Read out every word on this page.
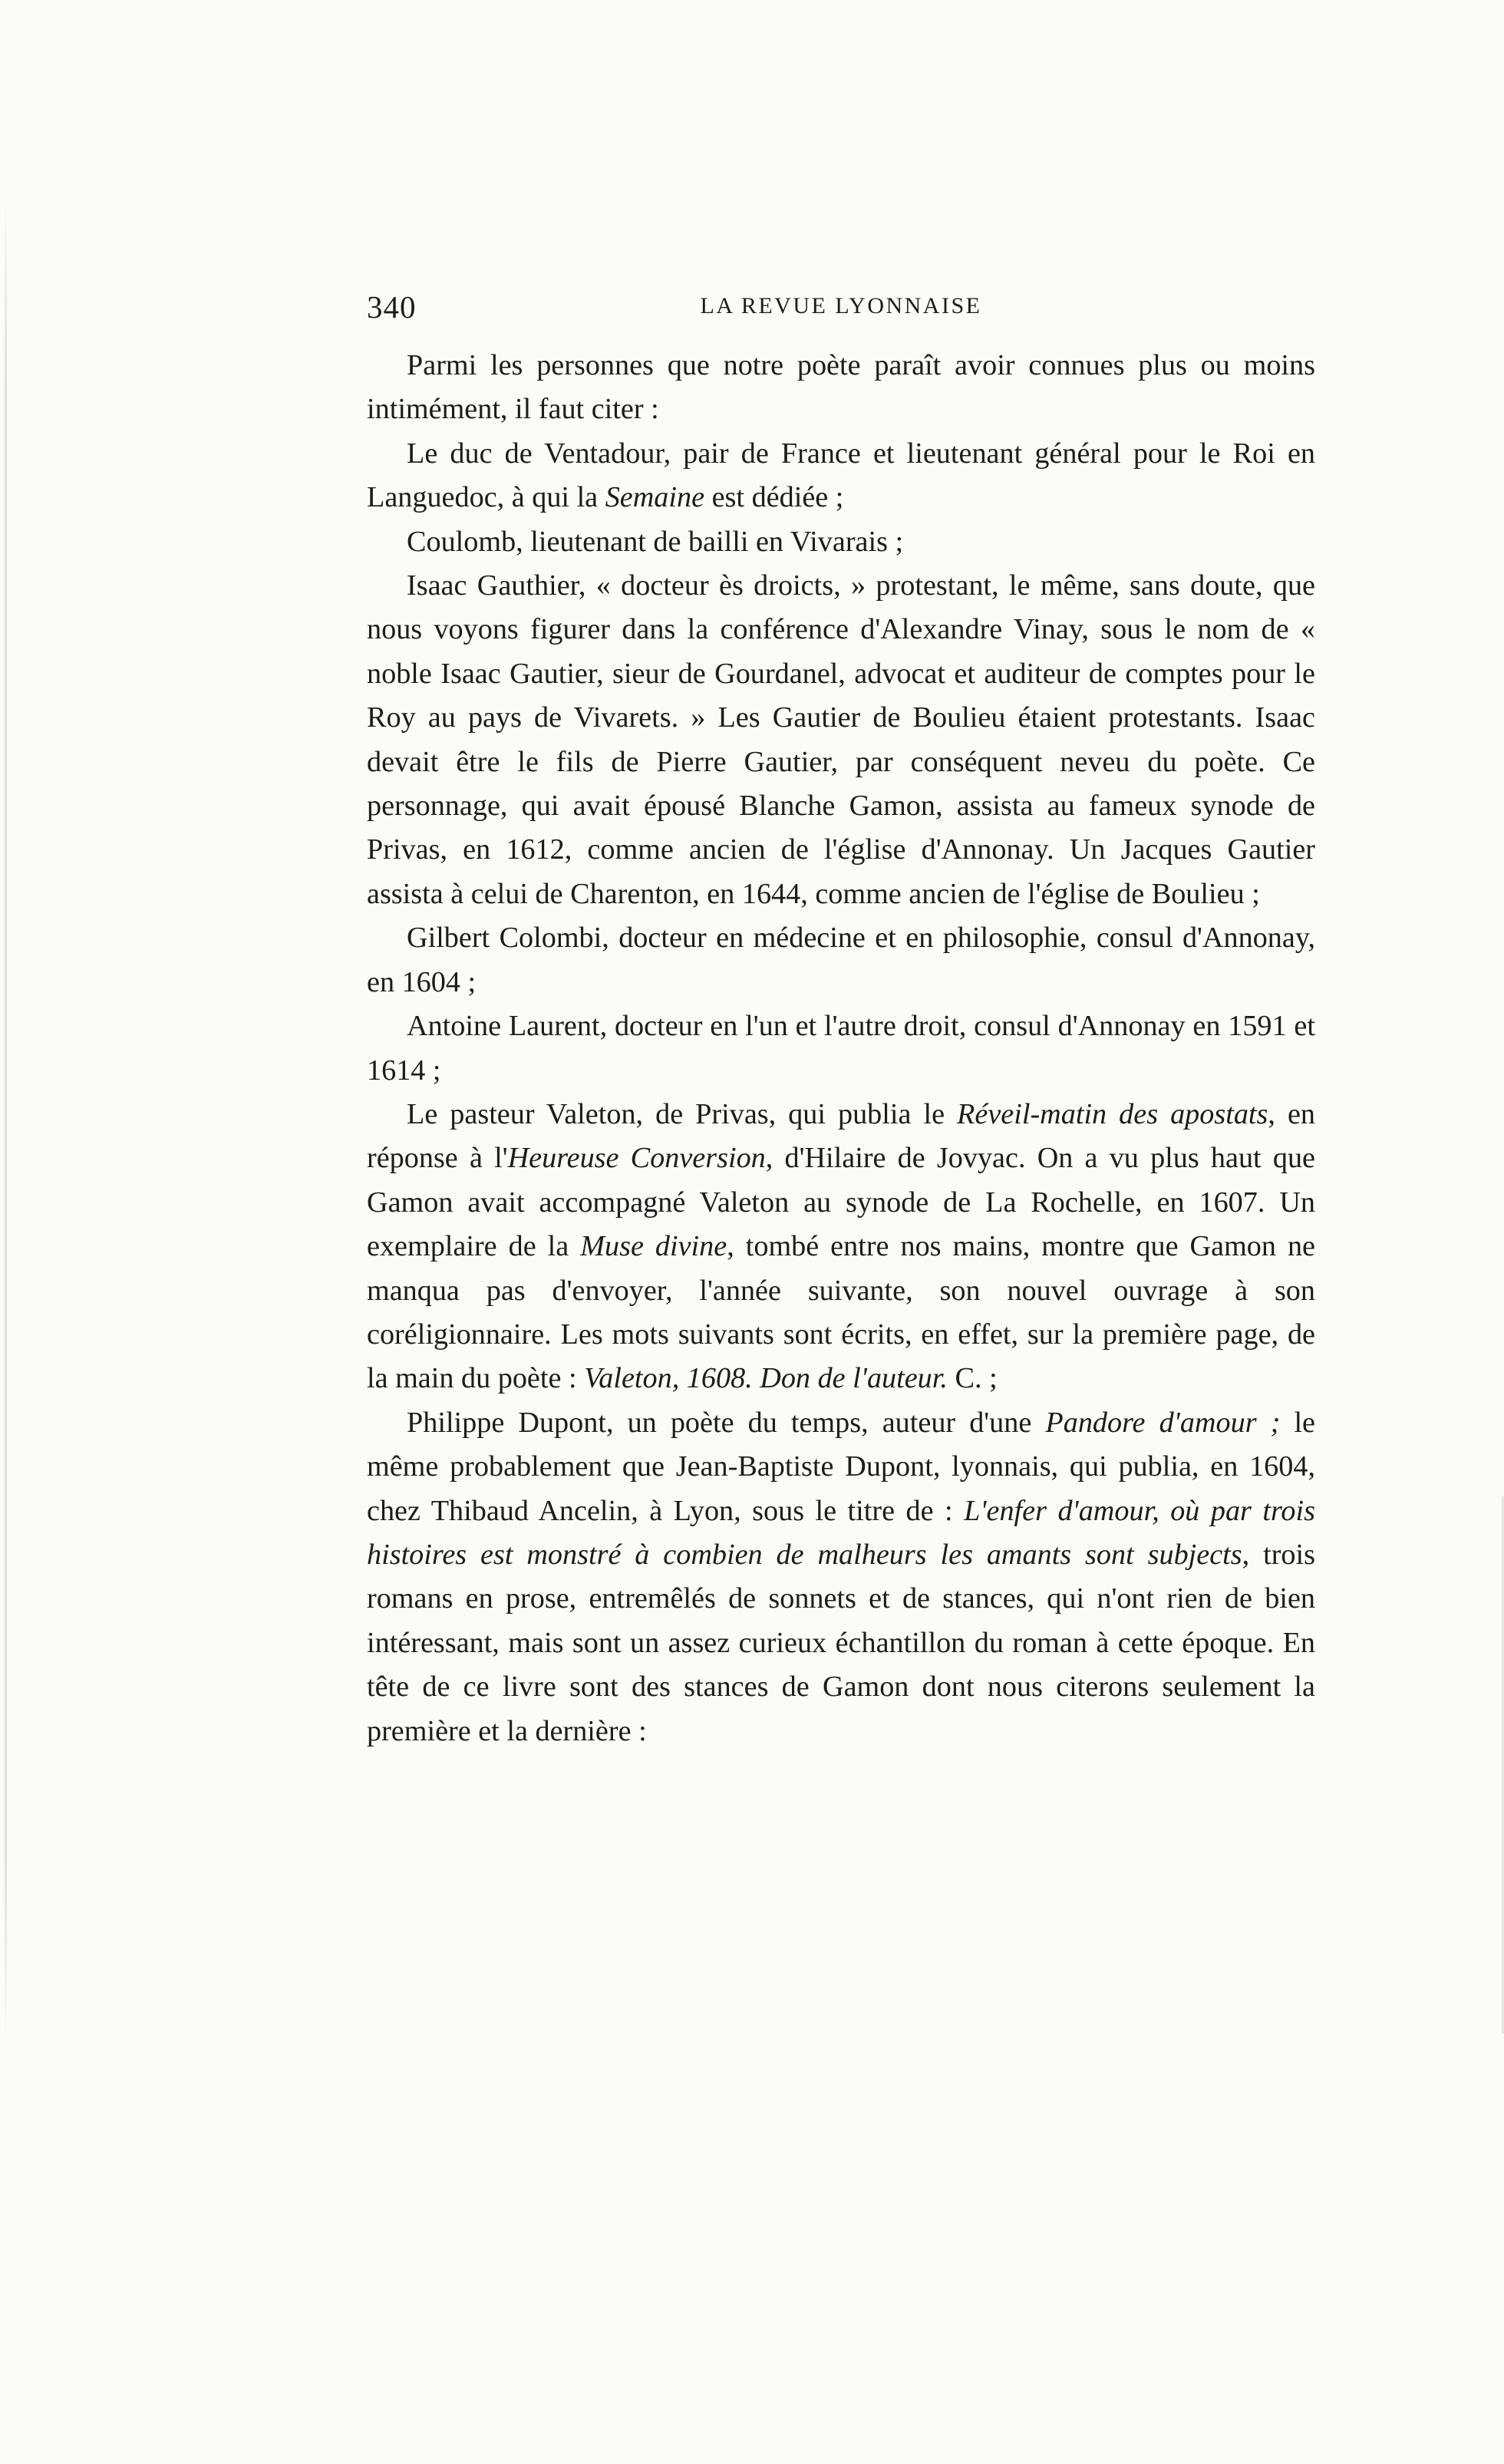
340	LA REVUE LYONNAISE

Parmi les personnes que notre poète paraît avoir connues plus ou moins intimément, il faut citer :

Le duc de Ventadour, pair de France et lieutenant général pour le Roi en Languedoc, à qui la Semaine est dédiée ;

Coulomb, lieutenant de bailli en Vivarais ;

Isaac Gauthier, « docteur ès droicts, » protestant, le même, sans doute, que nous voyons figurer dans la conférence d'Alexandre Vinay, sous le nom de « noble Isaac Gautier, sieur de Gourdanel, advocat et auditeur de comptes pour le Roy au pays de Vivarets. » Les Gautier de Boulieu étaient protestants. Isaac devait être le fils de Pierre Gautier, par conséquent neveu du poète. Ce personnage, qui avait épousé Blanche Gamon, assista au fameux synode de Privas, en 1612, comme ancien de l'église d'Annonay. Un Jacques Gautier assista à celui de Charenton, en 1644, comme ancien de l'église de Boulieu ;

Gilbert Colombi, docteur en médecine et en philosophie, consul d'Annonay, en 1604 ;

Antoine Laurent, docteur en l'un et l'autre droit, consul d'Annonay en 1591 et 1614 ;

Le pasteur Valeton, de Privas, qui publia le Réveil-matin des apostats, en réponse à l'Heureuse Conversion, d'Hilaire de Jovyac. On a vu plus haut que Gamon avait accompagné Valeton au synode de La Rochelle, en 1607. Un exemplaire de la Muse divine, tombé entre nos mains, montre que Gamon ne manqua pas d'envoyer, l'année suivante, son nouvel ouvrage à son coréligionnaire. Les mots suivants sont écrits, en effet, sur la première page, de la main du poète : Valeton, 1608. Don de l'auteur. C. ;

Philippe Dupont, un poète du temps, auteur d'une Pandore d'amour ; le même probablement que Jean-Baptiste Dupont, lyonnais, qui publia, en 1604, chez Thibaud Ancelin, à Lyon, sous le titre de : L'enfer d'amour, où par trois histoires est monstré à combien de malheurs les amants sont subjects, trois romans en prose, entremêlés de sonnets et de stances, qui n'ont rien de bien intéressant, mais sont un assez curieux échantillon du roman à cette époque. En tête de ce livre sont des stances de Gamon dont nous citerons seulement la première et la dernière :
